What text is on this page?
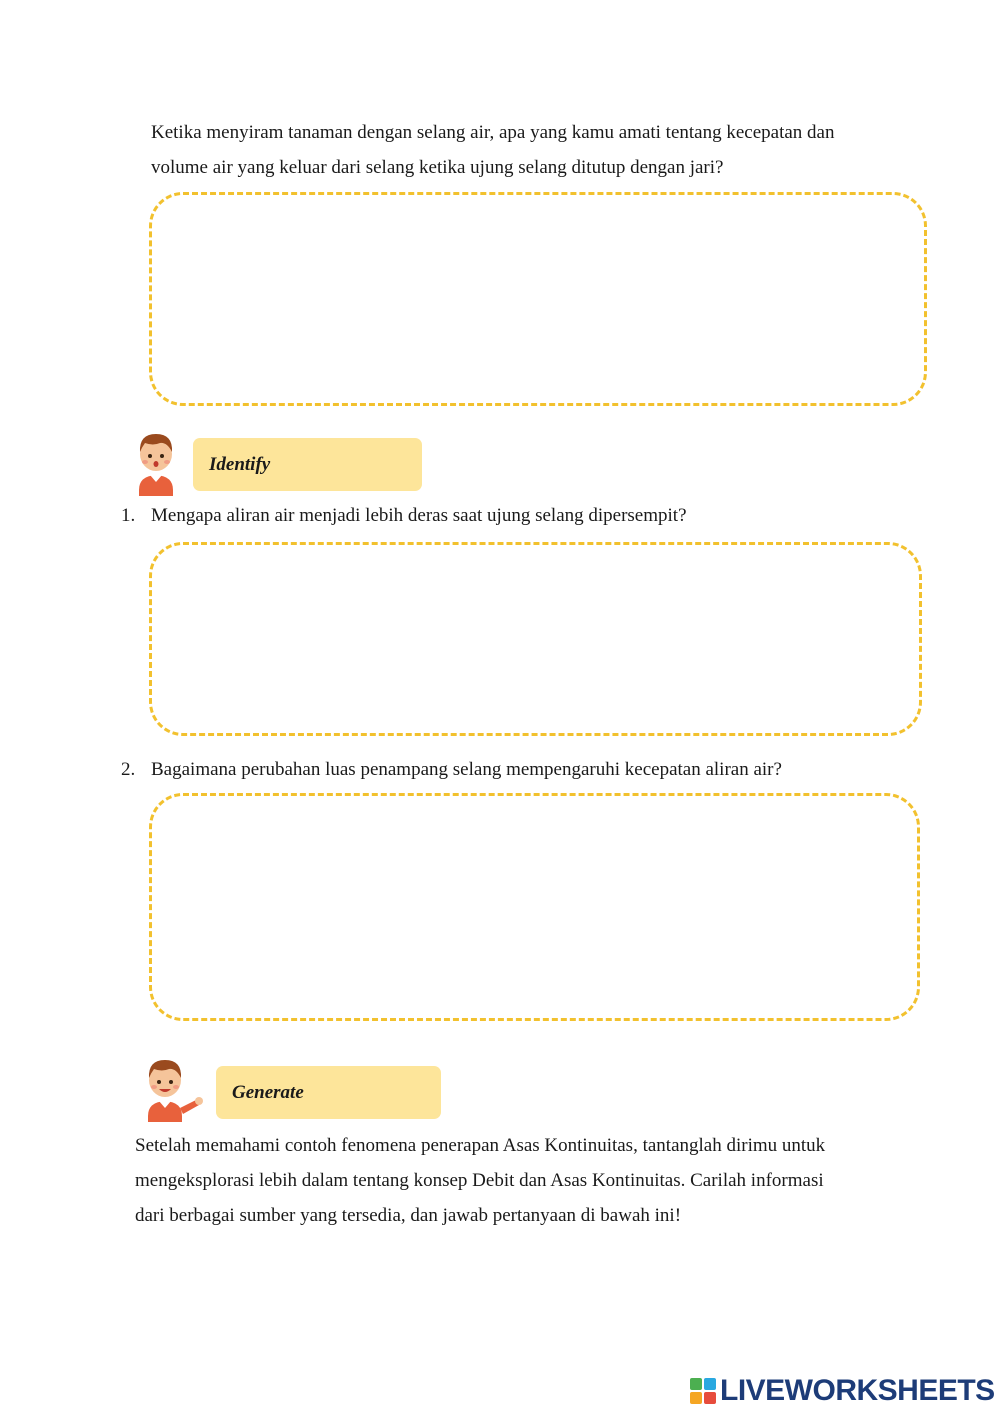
Ketika menyiram tanaman dengan selang air, apa yang kamu amati tentang kecepatan dan

volume air yang keluar dari selang ketika ujung selang ditutup dengan jari?

Identify
1. Mengapa aliran air menjadi lebih deras saat ujung selang dipersempit?
2. Bagaimana perubahan luas penampang selang mempengaruhi kecepatan aliran air?
Generate

Setelah memahami contoh fenomena penerapan Asas Kontinuitas, tantanglah dirimu untuk

mengeksplorasi lebih dalam tentang konsep Debit dan Asas Kontinuitas. Carilah informasi

dari berbagai sumber yang tersedia, dan jawab pertanyaan di bawah ini!

LIVEWORKSHEETS
